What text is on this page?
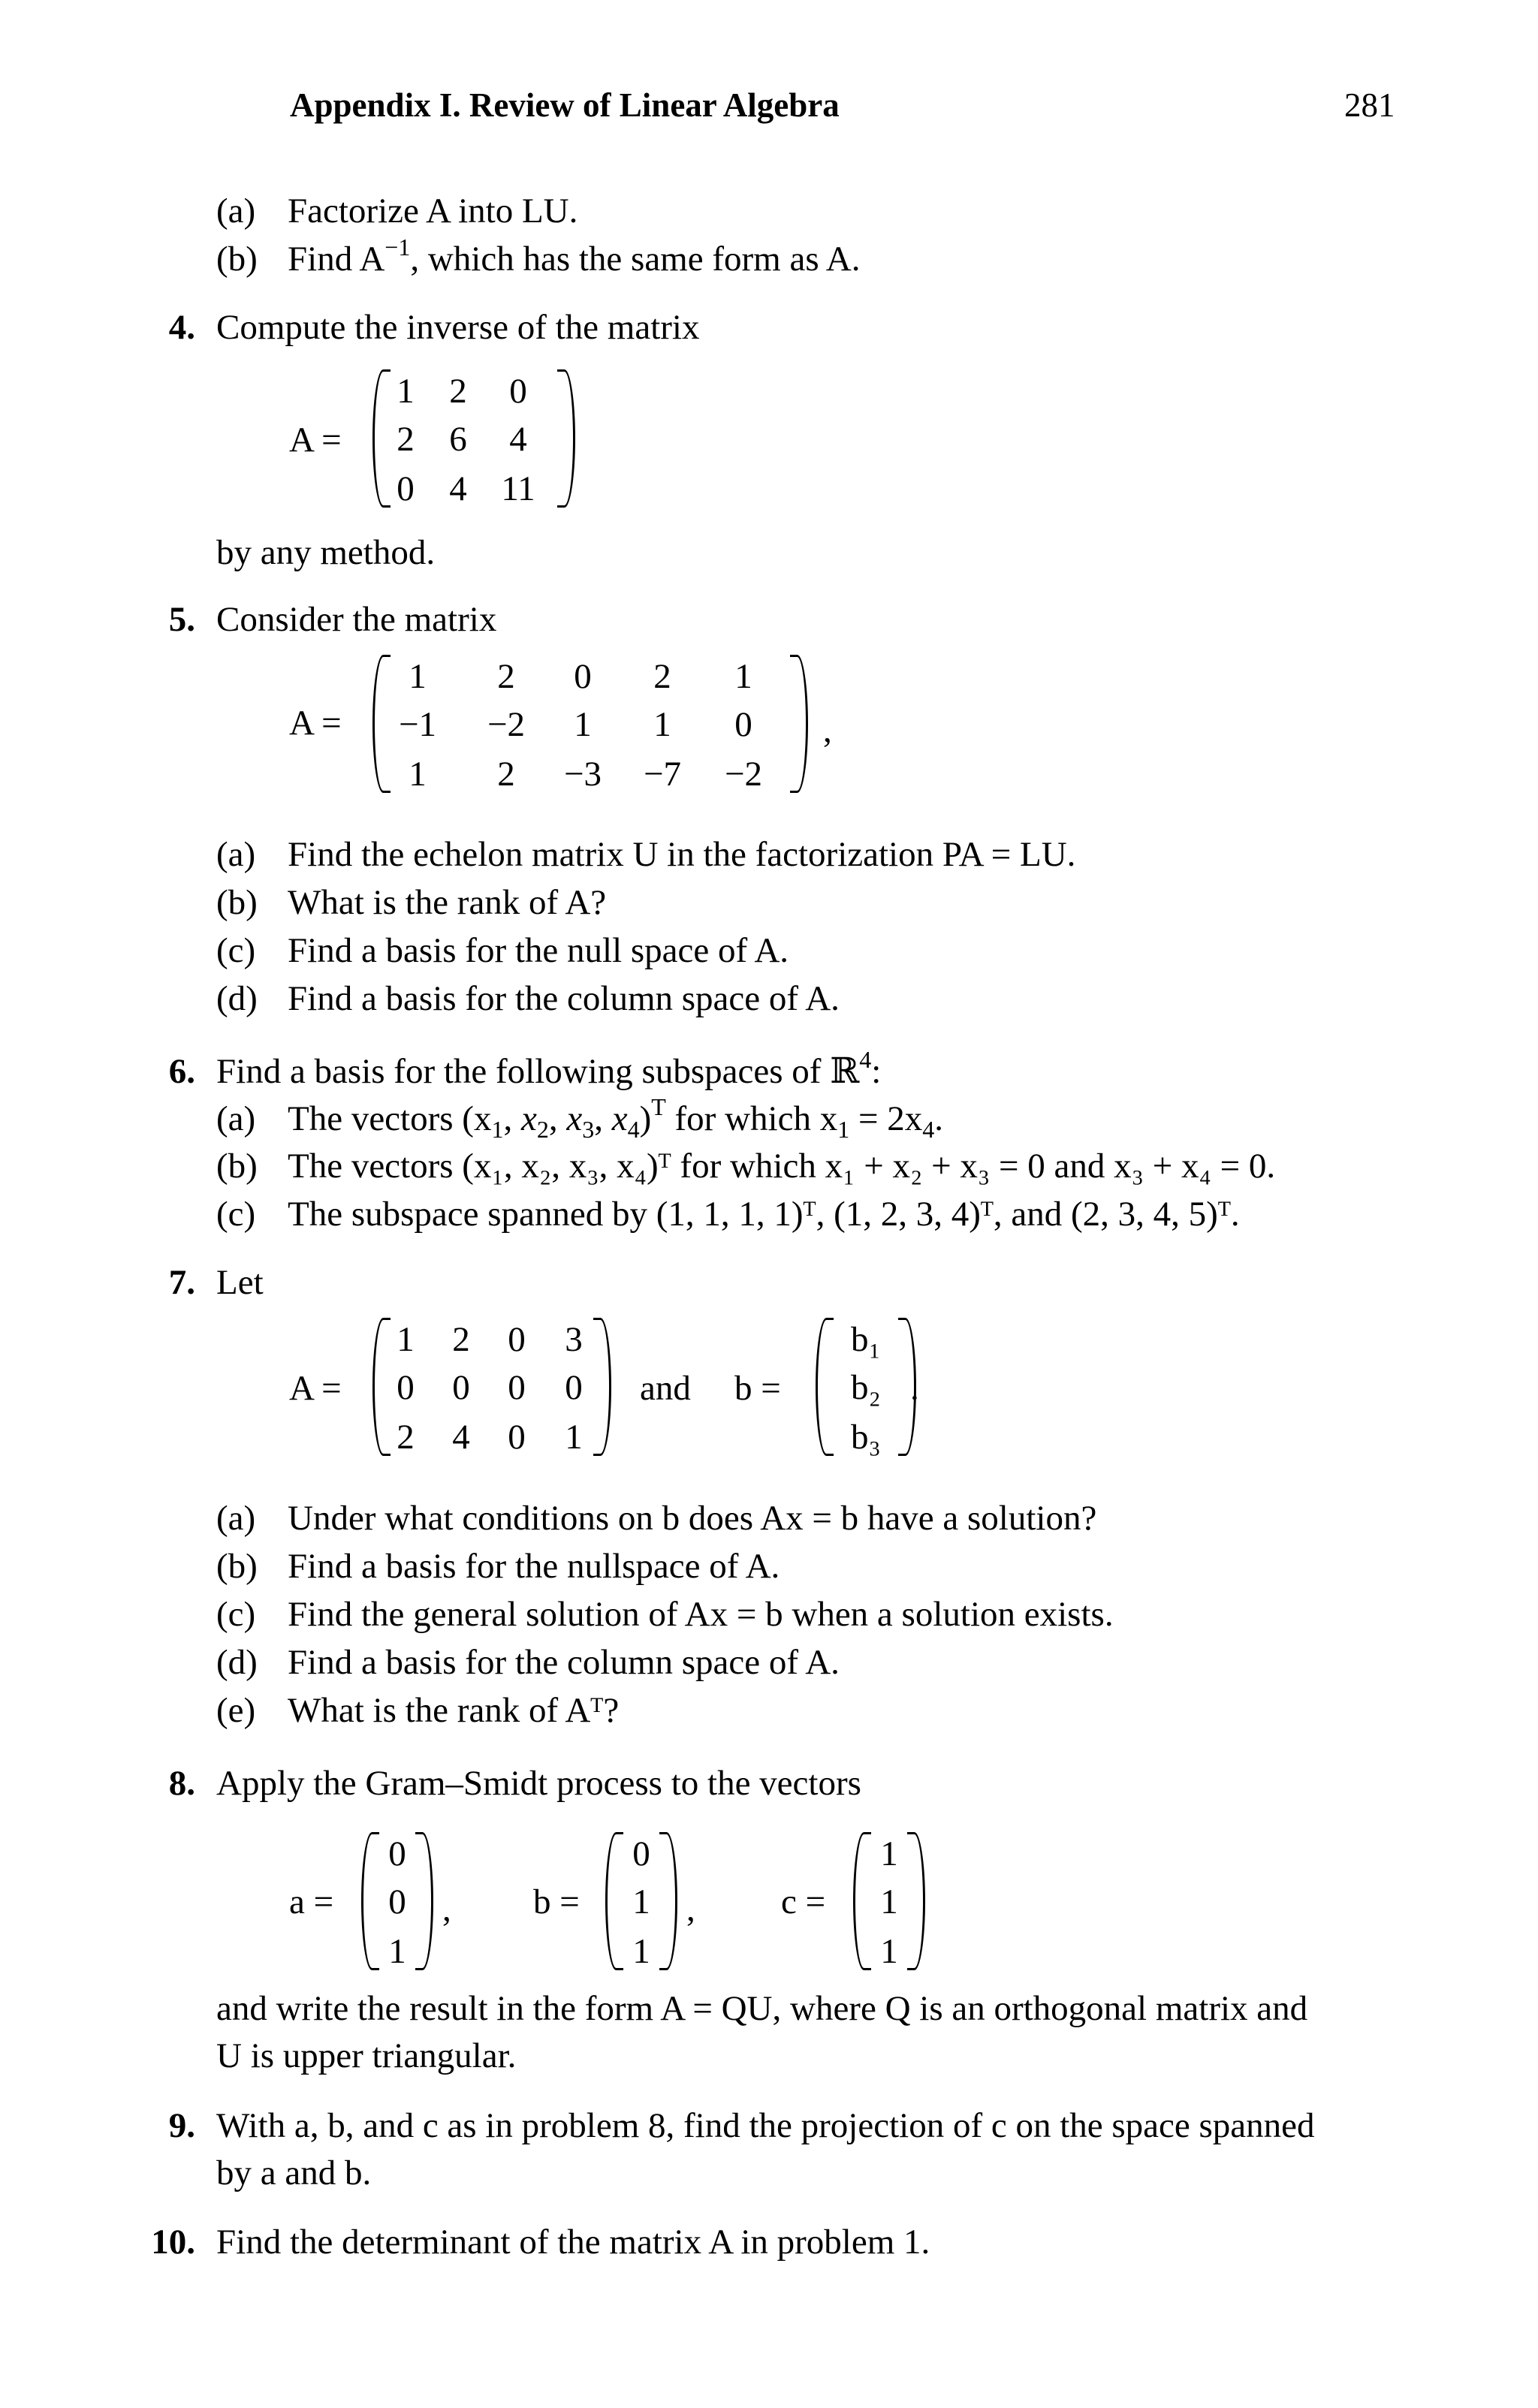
Appendix I. Review of Linear Algebra	281
(a) Factorize A into LU.
(b) Find $A^{-1}$, which has the same form as A.
4. Compute the inverse of the matrix
A =
1 2	0
2 6	4
0 4 11
by any method.
5. Consider the matrix
A =
1	2	0	2	1
−1 −2	1	1	0
1	2	−3 −7 −2
,
(a) Find the echelon matrix U in the factorization PA = LU.
(b) What is the rank of A?
(c) Find a basis for the null space of A.
(d) Find a basis for the column space of A.
6. Find a basis for the following subspaces of ℝ$^4$:
(a) The vectors ($x_1$, $x_2$, $x_3$, $x_4)^T$ for which $x_1 = 2x_4$.
(b) The vectors (x₁, x₂, x₃, x₄)ᵀ for which x₁ + x₂ + x₃ = 0 and x₃ + x₄ = 0.
(c) The subspace spanned by (1, 1, 1, 1)ᵀ, (1, 2, 3, 4)ᵀ, and (2, 3, 4, 5)ᵀ.
7. Let
A =
1	2	0	3
0	0	0	0
2	4	0	1
and b =
b₁
b₂
b₃
.
(a) Under what conditions on b does Ax = b have a solution?
(b) Find a basis for the nullspace of A.
(c) Find the general solution of Ax = b when a solution exists.
(d) Find a basis for the column space of A.
(e) What is the rank of Aᵀ?
8. Apply the Gram–Smidt process to the vectors
a =
0
0
1
, b =
0
1
1
, c =
1
1
1
and write the result in the form A = QU, where Q is an orthogonal matrix and
U is upper triangular.
9. With a, b, and c as in problem 8, find the projection of c on the space spanned
by a and b.
10. Find the determinant of the matrix A in problem 1.
